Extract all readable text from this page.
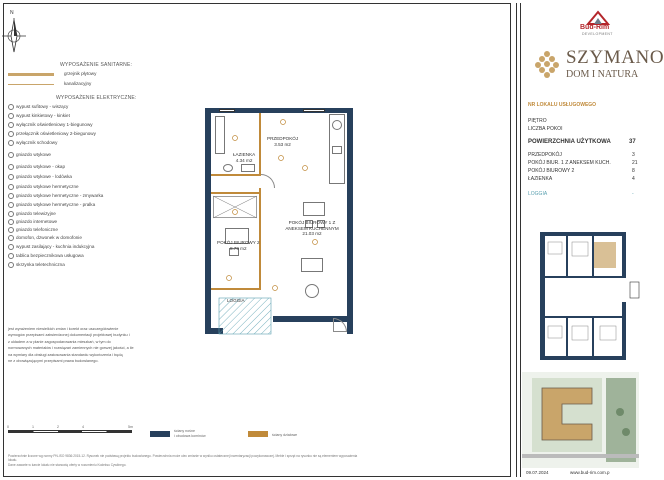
N
WYPOSAŻENIE SANITARNE:
grzejnik płytowy
kanalizacyjny
WYPOSAŻENIE ELEKTRYCZNE:
wypust sufitowy - wiszący
wypust kinkietowy - kinkiet
wyłącznik oświetleniowy 1-biegunowy
przełącznik oświetleniowy 2-biegunowy
wyłącznik schodowy
gniazdo wtykowe
gniazdo wtykowe - okap
gniazdo wtykowe - lodówka
gniazdo wtykowe hermetyczne
gniazdo wtykowe hermetyczne - zmywarka
gniazdo wtykowe hermetyczne - pralka
gniazdo telewizyjne
gniazdo internetowe
gniazdo telefoniczne
domofon, dzwonek w domofonie
wypust zasilający - kuchnia indukcyjna
tablica bezpiecznikowa usługowa
skrzynka teletechniczna
jest wyrażeniem niewielkich zmian i korekt oraz uszczegółowienie
wymogów przepisami zatwierdzonej dokumentacji projektowej budynku i
z układem a w planie zagospodarowania mieszkań, w tym do
normowanych materiałów i rozwiązań zamiennych nie gorszej jakości, a ile
na wymiary dla obsługi zastosowania standardu wykończenia i będą
ne z obowiązującymi przepisami prawa budowlanego.
0	1	2	4	5m
ściany nośne
i obudowa kominów	ściany działowe
Powierzchnie liczone wg normy PN-ISO 9836:2015-12. Rysunek nie podstawą projektu budowlanego. Powierzchnia może ulec zmianie w wyniku ostatecznej inwentaryzacji powykonawczej. Meble i sprzęt na rysunku nie są elementem wyposażenia lokalu.
Dane zawarte w karcie lokalu nie stanowią oferty w rozumieniu Kodeksu Cywilnego.
PRZEDPOKÓJ
3.53 m2
ŁAZIENKA
4.34 m2
POKÓJ BIUROWY 1 Z ANEKSEM KUCHENNYM
21.03 m2
POKÓJ BIUROWY 2
8.79 m2
LOGGIA
Bud-Rim
DEVELOPMENT
SZYMANO
DOM I NATURA
NR LOKALU USŁUGOWEGO
PIĘTRO
LICZBA POKOI
POWIERZCHNIA UŻYTKOWA	37
PRZEDPOKÓJ	3
POKÓJ BIUR. 1 Z ANEKSEM KUCH.	21
POKÓJ BIUROWY 2	8
ŁAZIENKA	4
LOGGIA	-
09.07.2024	www.bud-rim.com.p
